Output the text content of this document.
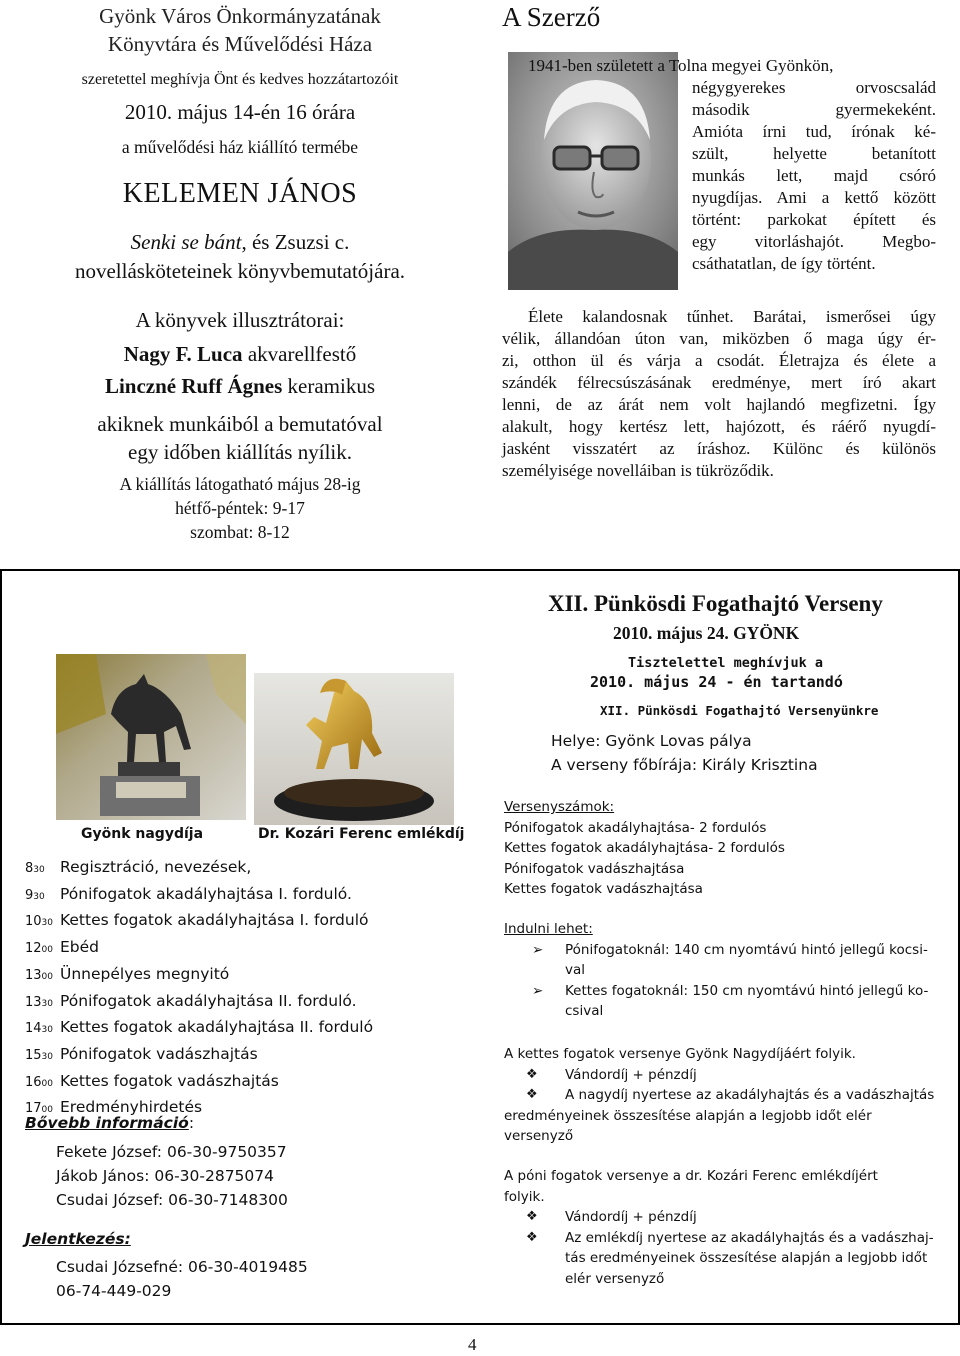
Gyönk Város Önkormányzatának
Könyvtára és Művelődési Háza
szeretettel meghívja Önt és kedves hozzátartozóit
2010. május 14-én 16 órára
a művelődési ház kiállító termébe
KELEMEN JÁNOS
Senki se bánt, és Zsuzsi c.
novellásköteteinek könyvbemutatójára.
A könyvek illusztrátorai:
Nagy F. Luca akvarellfestő
Linczné Ruff Ágnes keramikus
akiknek munkáiból a bemutatóval
egy időben kiállítás nyílik.
A kiállítás látogatható május 28-ig
hétfő-péntek: 9-17
szombat: 8-12
A Szerző
1941-ben született a Tolna megyei Gyönkön,
négygyerekes orvoscsalád
második gyermekeként.
Amióta írni tud, írónak ké-
szült, helyette betanított
munkás lett, majd csóró
nyugdíjas. Ami a kettő között
történt: parkokat épített és
egy vitorláshajót. Megbo-
csáthatatlan, de így történt.
Élete kalandosnak tűnhet. Barátai, ismerősei úgy
vélik, állandóan úton van, miközben ő maga úgy ér-
zi, otthon ül és várja a csodát. Életrajza és élete a
szándék félrecsúszásának eredménye, mert író akart
lenni, de az árát nem volt hajlandó megfizetni. Így
alakult, hogy kertész lett, hajózott, és ráérő nyugdí-
jasként visszatért az íráshoz. Különc és különös
személyisége novelláiban is tükröződik.
XII. Pünkösdi Fogathajtó Verseny
2010. május 24. GYÖNK
Tisztelettel meghívjuk a
2010. május 24 - én tartandó
XII. Pünkösdi Fogathajtó Versenyünkre
Helye: Gyönk Lovas pálya
A verseny főbírája: Király Krisztina
Gyönk nagydíja	Dr. Kozári Ferenc emlékdíj
830 Regisztráció, nevezések,
930 Pónifogatok akadályhajtása I. forduló.
1030 Kettes fogatok akadályhajtása I. forduló
1200 Ebéd
1300 Ünnepélyes megnyitó
1330 Pónifogatok akadályhajtása II. forduló.
1430 Kettes fogatok akadályhajtása II. forduló
1530 Pónifogatok vadászhajtás
1600 Kettes fogatok vadászhajtás
1700 Eredményhirdetés
Bővebb információ:
Fekete József: 06-30-9750357
Jákob János: 06-30-2875074
Csudai József: 06-30-7148300
Jelentkezés:
Csudai Józsefné: 06-30-4019485
06-74-449-029
Versenyszámok:
Pónifogatok akadályhajtása- 2 fordulós
Kettes fogatok akadályhajtása- 2 fordulós
Pónifogatok vadászhajtása
Kettes fogatok vadászhajtása
Indulni lehet:
➢ Pónifogatoknál: 140 cm nyomtávú hintó jellegű kocsi-
val
➢ Kettes fogatoknál: 150 cm nyomtávú hintó jellegű ko-
csival
A kettes fogatok versenye Gyönk Nagydíjáért folyik.
❖ Vándordíj + pénzdíj
❖ A nagydíj nyertese az akadályhajtás és a vadászhajtás
eredményeinek összesítése alapján a legjobb időt elér
versenyző
A póni fogatok versenye a dr. Kozári Ferenc emlékdíjért
folyik.
❖ Vándordíj + pénzdíj
❖ Az emlékdíj nyertese az akadályhajtás és a vadászhaj-
tás eredményeinek összesítése alapján a legjobb időt
elér versenyző
4
